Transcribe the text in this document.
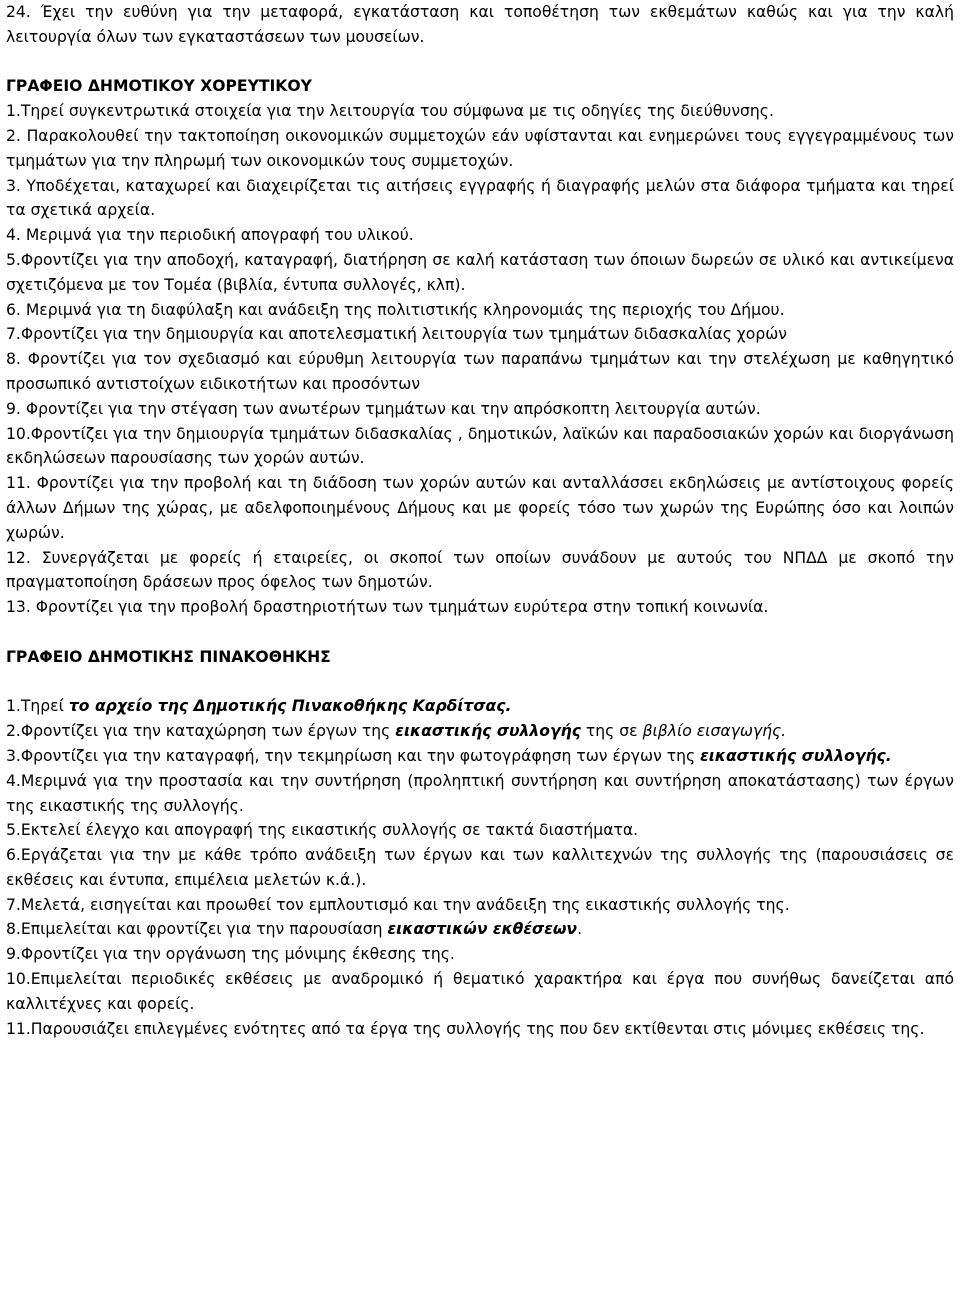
24. Έχει την ευθύνη για την μεταφορά, εγκατάσταση και τοποθέτηση των εκθεμάτων καθώς και για την καλή λειτουργία όλων των εγκαταστάσεων των μουσείων.

ΓΡΑΦΕΙΟ ΔΗΜΟΤΙΚΟΥ ΧΟΡΕΥΤΙΚΟΥ

1.Τηρεί συγκεντρωτικά στοιχεία για την λειτουργία του σύμφωνα με τις οδηγίες της διεύθυνσης.

2. Παρακολουθεί την τακτοποίηση οικονομικών συμμετοχών εάν υφίστανται και ενημερώνει τους εγγεγραμμένους των τμημάτων για την πληρωμή των οικονομικών τους συμμετοχών.

3. Υποδέχεται, καταχωρεί και διαχειρίζεται τις αιτήσεις εγγραφής ή διαγραφής μελών στα διάφορα τμήματα και τηρεί τα σχετικά αρχεία.

4. Μεριμνά για την περιοδική απογραφή του υλικού.

5.Φροντίζει για την αποδοχή, καταγραφή, διατήρηση σε καλή κατάσταση των όποιων δωρεών σε υλικό και αντικείμενα σχετιζόμενα με τον Τομέα (βιβλία, έντυπα συλλογές, κλπ).

6. Μεριμνά για τη διαφύλαξη και ανάδειξη της πολιτιστικής κληρονομιάς της περιοχής του Δήμου.

7.Φροντίζει για την δημιουργία και αποτελεσματική λειτουργία των τμημάτων διδασκαλίας χορών

8. Φροντίζει για τον σχεδιασμό και εύρυθμη λειτουργία των παραπάνω τμημάτων και την στελέχωση με καθηγητικό προσωπικό αντιστοίχων ειδικοτήτων και προσόντων

9. Φροντίζει για την στέγαση των ανωτέρων τμημάτων και την απρόσκοπτη λειτουργία αυτών.

10.Φροντίζει για την δημιουργία τμημάτων διδασκαλίας , δημοτικών, λαϊκών και παραδοσιακών χορών και διοργάνωση εκδηλώσεων παρουσίασης των χορών αυτών.

11. Φροντίζει για την προβολή και τη διάδοση των χορών αυτών και ανταλλάσσει εκδηλώσεις με αντίστοιχους φορείς άλλων Δήμων της χώρας, με αδελφοποιημένους Δήμους και με φορείς τόσο των χωρών της Ευρώπης όσο και λοιπών χωρών.

12. Συνεργάζεται με φορείς ή εταιρείες, οι σκοποί των οποίων συνάδουν με αυτούς του ΝΠΔΔ με σκοπό την πραγματοποίηση δράσεων προς όφελος των δημοτών.

13. Φροντίζει για την προβολή δραστηριοτήτων των τμημάτων ευρύτερα στην τοπική κοινωνία.

ΓΡΑΦΕΙΟ ΔΗΜΟΤΙΚΗΣ ΠΙΝΑΚΟΘΗΚΗΣ

1.Τηρεί το αρχείο της Δημοτικής Πινακοθήκης Καρδίτσας.

2.Φροντίζει για την καταχώρηση των έργων της εικαστικής συλλογής της σε βιβλίο εισαγωγής.

3.Φροντίζει για την καταγραφή, την τεκμηρίωση και την φωτογράφηση των έργων της εικαστικής συλλογής.

4.Μεριμνά για την προστασία και την συντήρηση (προληπτική συντήρηση και συντήρηση αποκατάστασης) των έργων της εικαστικής της συλλογής.

5.Εκτελεί έλεγχο και απογραφή της εικαστικής συλλογής σε τακτά διαστήματα.

6.Εργάζεται για την με κάθε τρόπο ανάδειξη των έργων και των καλλιτεχνών της συλλογής της (παρουσιάσεις σε εκθέσεις και έντυπα, επιμέλεια μελετών κ.ά.).

7.Μελετά, εισηγείται και προωθεί τον εμπλουτισμό και την ανάδειξη της εικαστικής συλλογής της.

8.Επιμελείται και φροντίζει για την παρουσίαση εικαστικών εκθέσεων.

9.Φροντίζει για την οργάνωση της μόνιμης έκθεσης της.

10.Επιμελείται περιοδικές εκθέσεις με αναδρομικό ή θεματικό χαρακτήρα και έργα που συνήθως δανείζεται από καλλιτέχνες και φορείς.

11.Παρουσιάζει επιλεγμένες ενότητες από τα έργα της συλλογής της που δεν εκτίθενται στις μόνιμες εκθέσεις της.
